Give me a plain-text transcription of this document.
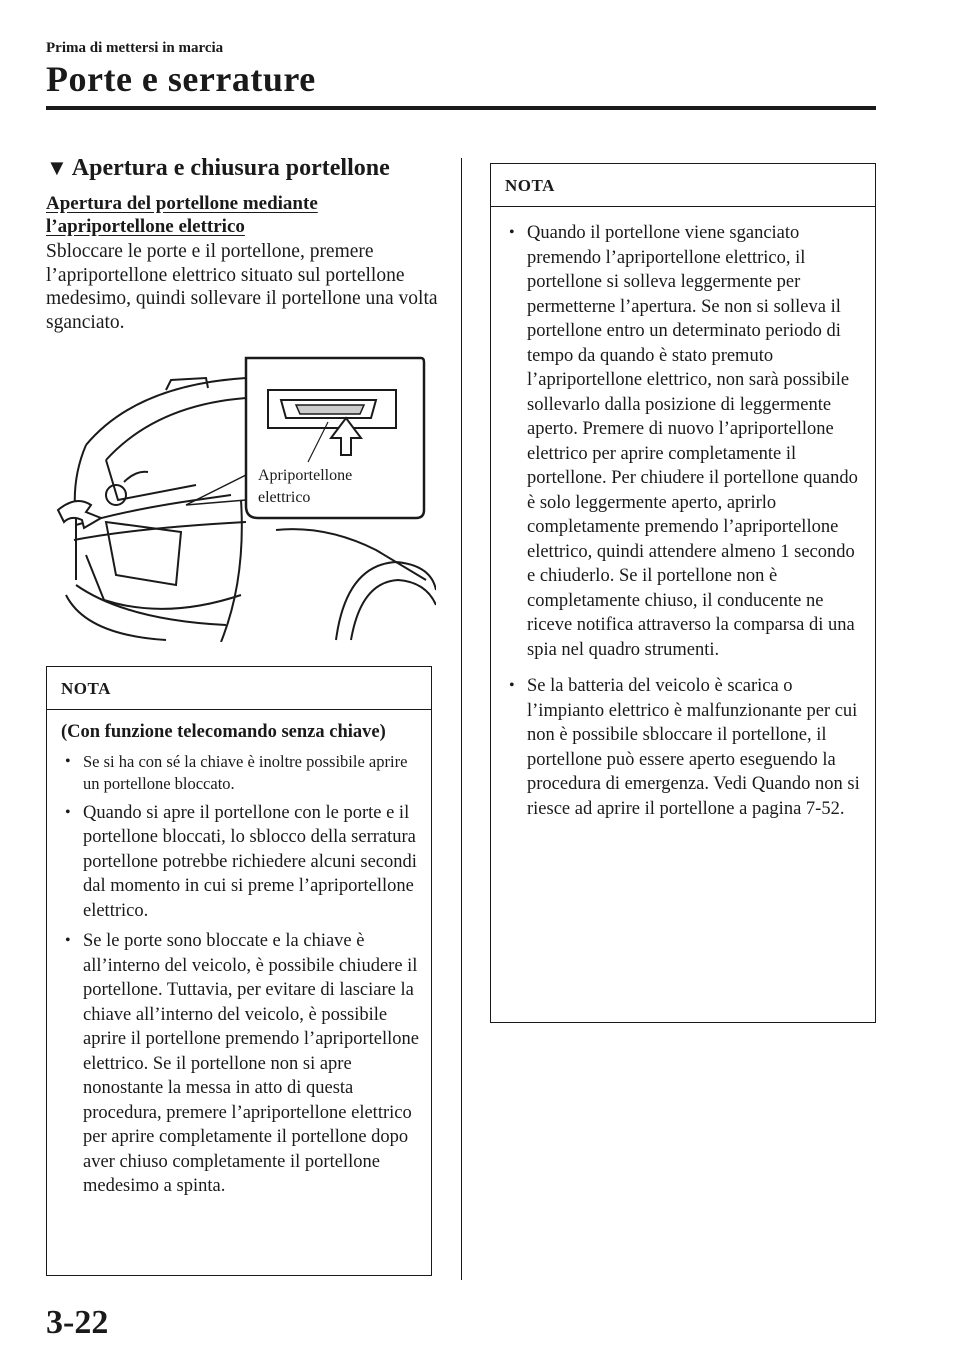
Prima di mettersi in marcia
Porte e serrature
▼ Apertura e chiusura portellone
Apertura del portellone mediante l’apriportellone elettrico
Sbloccare le porte e il portellone, premere l’apriportellone elettrico situato sul portellone medesimo, quindi sollevare il portellone una volta sganciato.
Apriportellone
elettrico
NOTA
(Con funzione telecomando senza chiave)
• Se si ha con sé la chiave è inoltre possibile aprire un portellone bloccato.
• Quando si apre il portellone con le porte e il portellone bloccati, lo sblocco della serratura portellone potrebbe richiedere alcuni secondi dal momento in cui si preme l’apriportellone elettrico.
• Se le porte sono bloccate e la chiave è all’interno del veicolo, è possibile chiudere il portellone. Tuttavia, per evitare di lasciare la chiave all’interno del veicolo, è possibile aprire il portellone premendo l’apriportellone elettrico. Se il portellone non si apre nonostante la messa in atto di questa procedura, premere l’apriportellone elettrico per aprire completamente il portellone dopo aver chiuso completamente il portellone medesimo a spinta.
NOTA
• Quando il portellone viene sganciato premendo l’apriportellone elettrico, il portellone si solleva leggermente per permetterne l’apertura. Se non si solleva il portellone entro un determinato periodo di tempo da quando è stato premuto l’apriportellone elettrico, non sarà possibile sollevarlo dalla posizione di leggermente aperto. Premere di nuovo l’apriportellone elettrico per aprire completamente il portellone. Per chiudere il portellone quando è solo leggermente aperto, aprirlo completamente premendo l’apriportellone elettrico, quindi attendere almeno 1 secondo e chiuderlo. Se il portellone non è completamente chiuso, il conducente ne riceve notifica attraverso la comparsa di una spia nel quadro strumenti.
• Se la batteria del veicolo è scarica o l’impianto elettrico è malfunzionante per cui non è possibile sbloccare il portellone, il portellone può essere aperto eseguendo la procedura di emergenza. Vedi Quando non si riesce ad aprire il portellone a pagina 7-52.
3-22
